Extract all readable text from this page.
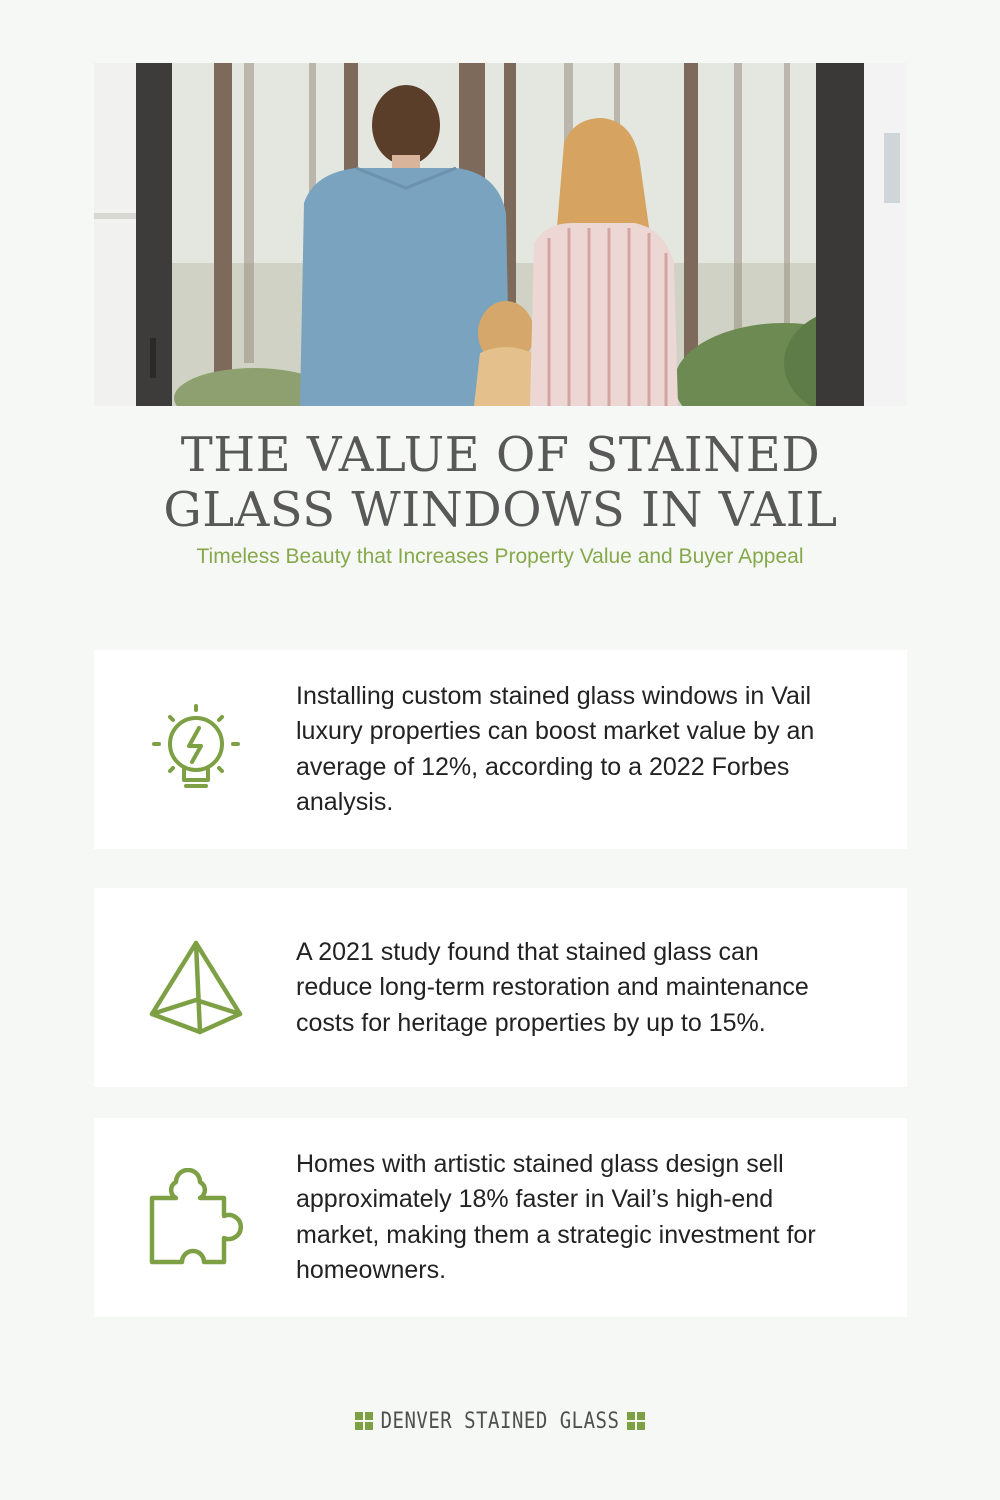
THE VALUE OF STAINED GLASS WINDOWS IN VAIL

Timeless Beauty that Increases Property Value and Buyer Appeal

Installing custom stained glass windows in Vail luxury properties can boost market value by an average of 12%, according to a 2022 Forbes analysis.

A 2021 study found that stained glass can reduce long-term restoration and maintenance costs for heritage properties by up to 15%.

Homes with artistic stained glass design sell approximately 18% faster in Vail’s high-end market, making them a strategic investment for homeowners.

DENVER STAINED GLASS
